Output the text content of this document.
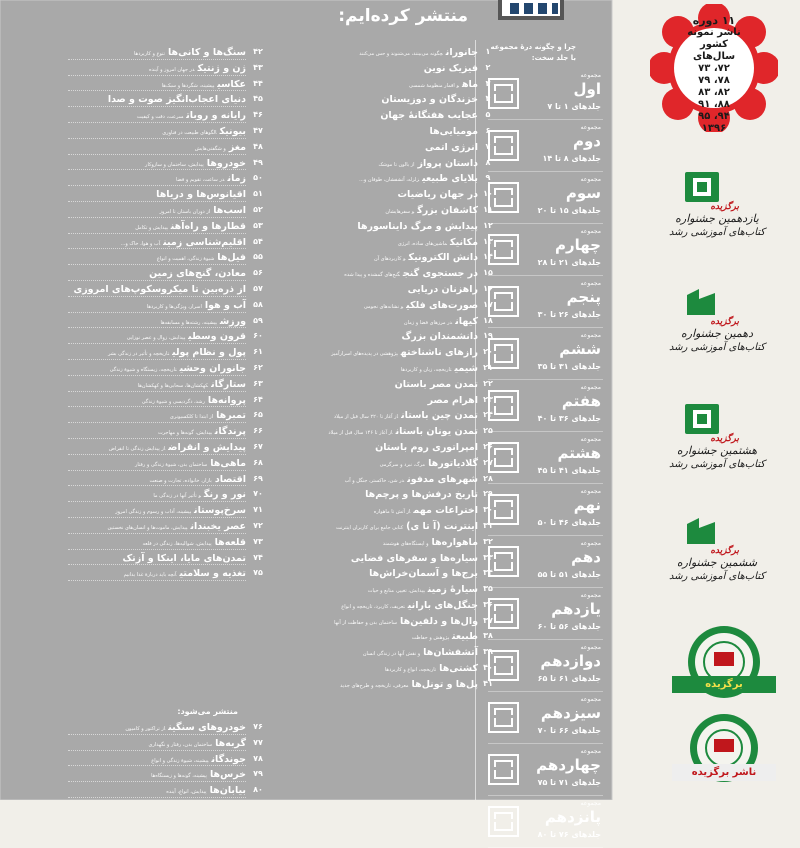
منتشر کرده‌ایم:
۴۲
سنگ‌ها و کانی‌هاتنوع و کاربردها
۴۳
ژن و ژنتیکدر جهان امروز و آینده
۴۴
عکاسیپیشینه، شگردها و سبک‌ها
۴۵
دنیای اعجاب‌انگیز صوت و صدا
۴۶
رایانه و روباتسرعت، دقت و کیفیت
۴۷
بیونیکالگوهای طبیعت در فناوری
۴۸
مغزو شگفتی‌هایش
۴۹
خودروهاپیدایش، ساختمان و سازوکار
۵۰
زماندر ساعت، تقویم و فضا
۵۱
اقیانوس‌ها و دریاها
۵۲
اسب‌هااز دوران باستان تا امروز
۵۳
قطارها و راه‌آهنپیدایش و تکامل
۵۴
اقلیم‌شناسی زمینآب و هوا، خاک و...
۵۵
فیل‌هاشیوهٔ زندگی، اهمیت و انواع
۵۶
معادن، گنج‌های زمین
۵۷
از ذره‌بین تا میکروسکوپ‌های امروزی
۵۸
آب و هوااسرار، ویژگی‌ها و کاربردها
۵۹
ورزشپیشینه، رشته‌ها و مسابقه‌ها
۶۰
قرون وسطیپیدایش، زوال و عصر نوزایی
۶۱
پول و نظام پولیتاریخچه و تأثیر در زندگی بشر
۶۲
جانوران وحشیتاریخچه، زیستگاه و شیوهٔ زندگی
۶۳
ستارگانکهکشان‌ها، سحابی‌ها و کهکشان‌ها
۶۴
پروانه‌هارشد، دگردیسی و شیوهٔ زندگی
۶۵
تمبرهااز ابتدا تا کلکسیونری
۶۶
پرندگانپیدایش، گونه‌ها و مهاجرت
۶۷
پیدایش و انقراضاز پیدایش زندگی تا انقراض
۶۸
ماهی‌هاساختمان بدن، شیوهٔ زندگی و رفتار
۶۹
اقتصادبازار، خانواده، تجارت و صنعت
۷۰
نور و رنگو تأثیر آنها در زندگی ما
۷۱
سرخ‌پوستانپیشینه، آداب و رسوم و زندگی امروز
۷۲
عصر یخبندانپیدایش، ماموت‌ها و انسان‌های نخستین
۷۳
قلعه‌هاپیدایش، شوالیه‌ها، زندگی در قلعه
۷۴
تمدن‌های مایا، اینکا و آزتک
۷۵
تغذیه و سلامتیآنچه باید دربارهٔ غذا بدانیم
منتشر می‌شود:
۷۶
خودروهای سنگیناز تراکتور و کامیون
۷۷
گربه‌هاساختمان بدن، رفتار و نگهداری
۷۸
جوندگانپیشینه، شیوهٔ زندگی و انواع
۷۹
خرس‌هاپیشینه، گونه‌ها و زیستگاه‌ها
۸۰
بیابان‌هاپیدایش، انواع، آینده
۱
جانورانچگونه می‌بینند، می‌شنوند و حس می‌کنند
۲
فیزیک نوین
۳
ماهو اقمار منظومهٔ شمسی
۴
خزندگان و دوزیستان
۵
عجایب هفتگانهٔ جهان
۶
مومیایی‌ها
۷
انرژی اتمی
۸
داستان پروازاز بالون تا موشک
۹
بلایای طبیعیزلزله، آتشفشان، طوفان و...
۱۰
در جهان ریاضیات
۱۱
کاشفان بزرگو سفرهایشان
۱۲
پیدایش و مرگ دایناسورها
۱۳
مکانیکماشین‌های ساده، انرژی
۱۴
دانش الکترونیکو کاربردهای آن
۱۵
در جستجوی گنجگنج‌های گمشده و پیدا شده
۱۶
راهزنان دریایی
۱۷
صورت‌های فلکیو نشانه‌های نجومی
۱۸
کیهاندر مرزهای فضا و زمان
۱۹
دانشمندان بزرگ
۲۰
رازهای ناشناختهپژوهشی در پدیده‌های اسرارآمیز
۲۱
شیمیتاریخچه، زبان و کاربردها
۲۲
تمدن مصر باستان
۲۳
اهرام مصر
۲۴
تمدن چین باستاناز آغاز تا ۲۲۰ سال قبل از میلاد
۲۵
تمدن یونان باستاناز آغاز تا ۱۴۶ سال قبل از میلاد
۲۶
امپراتوری روم باستان
۲۷
گلادیاتورهامرگ، نبرد و سرگرمی
۲۸
شهرهای مدفوندر شن، خاکستر، جنگل و آب
۲۹
تاریخ درفش‌ها و پرچم‌ها
۳۰
اختراعات مهماز آتش تا ماهواره
۳۱
اینترنت (آ تا ی)کتابی جامع برای کاربران اینترنت
۳۲
ماهواره‌هاو ایستگاه‌های هوشمند
۳۳
سیاره‌ها و سفرهای فضایی
۳۴
برج‌ها و آسمان‌خراش‌ها
۳۵
سیارهٔ زمینپیدایش، تغییر، منابع و حیات
۳۶
جنگل‌های بارانیتعریف، کاربرد، تاریخچه و انواع
۳۷
وال‌ها و دلفین‌هاساختمان بدن و حفاظت از آنها
۳۸
طبیعتپژوهش و حفاظت
۳۹
آتشفشان‌هاو نقش آنها در زندگی انسان
۴۰
کشتی‌هاتاریخچه، انواع و کاربردها
۴۱
پل‌ها و تونل‌هامعرفی، تاریخچه و طرح‌های جدید
چرا و چگونه درهٔ مجموعه
با جلد سخت:
مجموعه
اول
جلدهای ۱ تا ۷
مجموعه
دوم
جلدهای ۸ تا ۱۴
مجموعه
سوم
جلدهای ۱۵ تا ۲۰
مجموعه
چهارم
جلدهای ۲۱ تا ۲۸
مجموعه
پنجم
جلدهای ۲۶ تا ۳۰
مجموعه
ششم
جلدهای ۳۱ تا ۳۵
مجموعه
هفتم
جلدهای ۳۶ تا ۴۰
مجموعه
هشتم
جلدهای ۴۱ تا ۴۵
مجموعه
نهم
جلدهای ۴۶ تا ۵۰
مجموعه
دهم
جلدهای ۵۱ تا ۵۵
مجموعه
یازدهم
جلدهای ۵۶ تا ۶۰
مجموعه
دوازدهم
جلدهای ۶۱ تا ۶۵
مجموعه
سیزدهم
جلدهای ۶۶ تا ۷۰
مجموعه
چهاردهم
جلدهای ۷۱ تا ۷۵
مجموعه
پانزدهم
جلدهای ۷۶ تا ۸۰
۱۱ دوره
ناشر نمونه
کشور
سال‌های
۷۲، ۷۳
۷۸، ۷۹
۸۲، ۸۳
۸۸، ۹۱
۹۴، ۹۵
۱۳۹۶
برگزیده
یازدهمین جشنواره
کتاب‌های آموزشی رشد
برگزیده
دهمین جشنواره
کتاب‌های آموزشی رشد
برگزیده
هشتمین جشنواره
کتاب‌های آموزشی رشد
برگزیده
ششمین جشنواره
کتاب‌های آموزشی رشد
برگزیده
ناشر برگزیده
